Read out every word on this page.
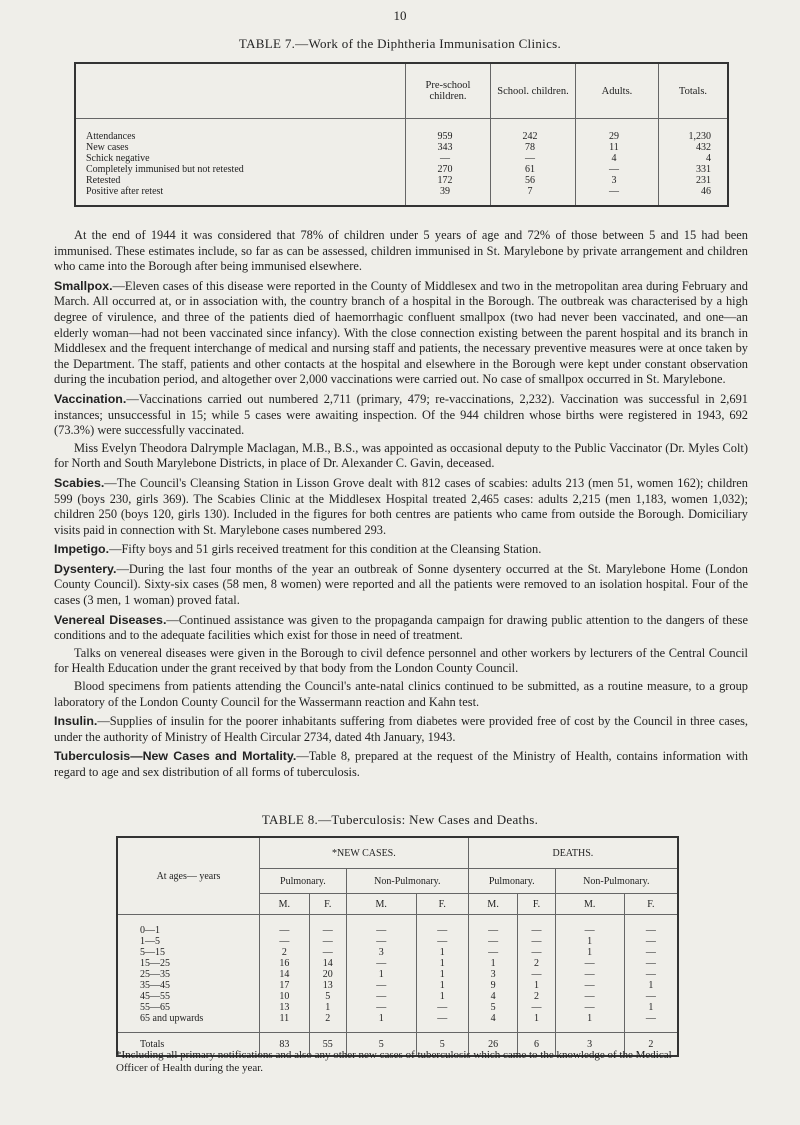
10
TABLE 7.—Work of the Diphtheria Immunisation Clinics.
	Pre-school children.	School. children.	Adults.	Totals.

Attendances	959	242	29	1,230
New cases	343	78	11	432
Schick negative	—	—	4	4
Completely immunised but not retested	270	61	—	331
Retested	172	56	3	231
Positive after retest	39	7	—	46

At the end of 1944 it was considered that 78% of children under 5 years of age and 72% of those between 5 and 15 had been immunised. These estimates include, so far as can be assessed, children immunised in St. Marylebone by private arrangement and children who came into the Borough after being immunised elsewhere.

Smallpox.—Eleven cases of this disease were reported in the County of Middlesex and two in the metropolitan area during February and March. All occurred at, or in association with, the country branch of a hospital in the Borough. The outbreak was characterised by a high degree of virulence, and three of the patients died of haemorrhagic confluent smallpox (two had never been vaccinated, and one—an elderly woman—had not been vaccinated since infancy). With the close connection existing between the parent hospital and its branch in Middlesex and the frequent interchange of medical and nursing staff and patients, the necessary preventive measures were at once taken by the Department. The staff, patients and other contacts at the hospital and elsewhere in the Borough were kept under constant observation during the incubation period, and altogether over 2,000 vaccinations were carried out. No case of smallpox occurred in St. Marylebone.

Vaccination.—Vaccinations carried out numbered 2,711 (primary, 479; re-vaccinations, 2,232). Vaccination was successful in 2,691 instances; unsuccessful in 15; while 5 cases were awaiting inspection. Of the 944 children whose births were registered in 1943, 692 (73.3%) were successfully vaccinated.

Miss Evelyn Theodora Dalrymple Maclagan, M.B., B.S., was appointed as occasional deputy to the Public Vaccinator (Dr. Myles Colt) for North and South Marylebone Districts, in place of Dr. Alexander C. Gavin, deceased.

Scabies.—The Council's Cleansing Station in Lisson Grove dealt with 812 cases of scabies: adults 213 (men 51, women 162); children 599 (boys 230, girls 369). The Scabies Clinic at the Middlesex Hospital treated 2,465 cases: adults 2,215 (men 1,183, women 1,032); children 250 (boys 120, girls 130). Included in the figures for both centres are patients who came from outside the Borough. Domiciliary visits paid in connection with St. Marylebone cases numbered 293.

Impetigo.—Fifty boys and 51 girls received treatment for this condition at the Cleansing Station.

Dysentery.—During the last four months of the year an outbreak of Sonne dysentery occurred at the St. Marylebone Home (London County Council). Sixty-six cases (58 men, 8 women) were reported and all the patients were removed to an isolation hospital. Four of the cases (3 men, 1 woman) proved fatal.

Venereal Diseases.—Continued assistance was given to the propaganda campaign for drawing public attention to the dangers of these conditions and to the adequate facilities which exist for those in need of treatment.

Talks on venereal diseases were given in the Borough to civil defence personnel and other workers by lecturers of the Central Council for Health Education under the grant received by that body from the London County Council.

Blood specimens from patients attending the Council's ante-natal clinics continued to be submitted, as a routine measure, to a group laboratory of the London County Council for the Wassermann reaction and Kahn test.

Insulin.—Supplies of insulin for the poorer inhabitants suffering from diabetes were provided free of cost by the Council in three cases, under the authority of Ministry of Health Circular 2734, dated 4th January, 1943.

Tuberculosis—New Cases and Mortality.—Table 8, prepared at the request of the Ministry of Health, contains information with regard to age and sex distribution of all forms of tuberculosis.

TABLE 8.—Tuberculosis: New Cases and Deaths.
At ages— years	*NEW CASES.				DEATHS.			
	Pulmonary.		Non-Pulmonary.		Pulmonary.		Non-Pulmonary.	
	M.	F.	M.	F.	M.	F.	M.	F.

0—1	—	—	—	—	—	—	—	—
1—5	—	—	—	—	—	—	1	—
5—15	2	—	3	1	—	—	1	—
15—25	16	14	—	1	1	2	—	—
25—35	14	20	1	1	3	—	—	—
35—45	17	13	—	1	9	1	—	1
45—55	10	5	—	1	4	2	—	—
55—65	13	1	—	—	5	—	—	1
65 and upwards	11	2	1	—	4	1	1	—

Totals	83	55	5	5	26	6	3	2
*Including all primary notifications and also any other new cases of tuberculosis which came to the knowledge of the Medical Officer of Health during the year.
